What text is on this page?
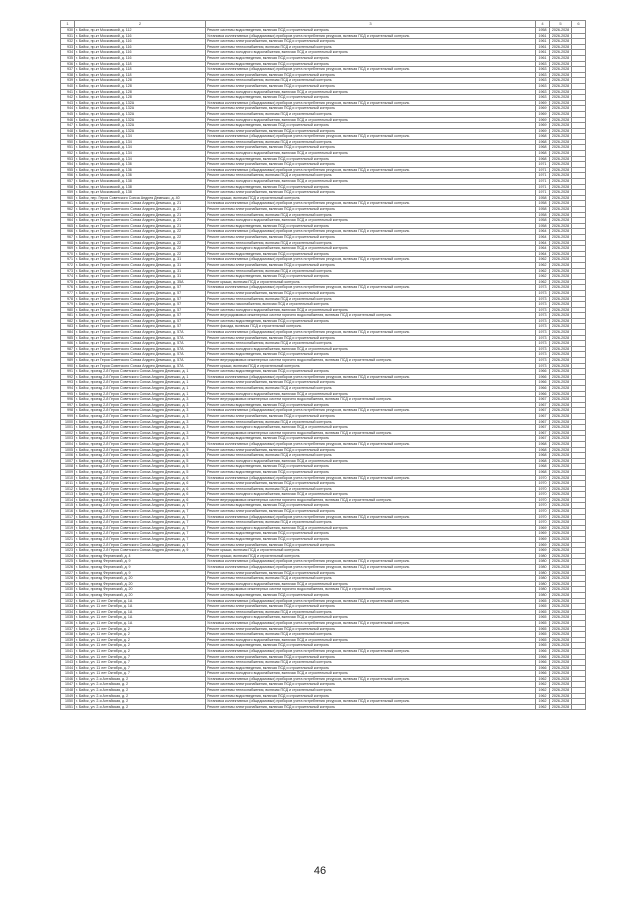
1	2	3	4	5	6
930	г. Бийск, пр-кт Московский, д. 112	Ремонт системы водоотведения, включая ПСД и строительный контроль	1958	2026-2028	
931	г. Бийск, пр-кт Московский, д. 116	Установка коллективных (общедомовых) приборов учета потребления ресурсов, включая ПСД и строительный контроль	1961	2026-2028	
932	г. Бийск, пр-кт Московский, д. 116	Ремонт системы электроснабжения, включая ПСД и строительный контроль	1961	2026-2028	
933	г. Бийск, пр-кт Московский, д. 116	Ремонт системы теплоснабжения, включая ПСД и строительный контроль	1961	2026-2028	
934	г. Бийск, пр-кт Московский, д. 116	Ремонт системы холодного водоснабжения, включая ПСД и строительный контроль	1961	2026-2028	
935	г. Бийск, пр-кт Московский, д. 116	Ремонт системы водоотведения, включая ПСД и строительный контроль	1961	2026-2028	
936	г. Бийск, пр-кт Московский, д. 118	Ремонт системы водоотведения, включая ПСД и строительный контроль	1963	2026-2028	
937	г. Бийск, пр-кт Московский, д. 118	Установка коллективных (общедомовых) приборов учета потребления ресурсов, включая ПСД и строительный контроль	1963	2026-2028	
938	г. Бийск, пр-кт Московский, д. 118	Ремонт системы электроснабжения, включая ПСД и строительный контроль	1963	2026-2028	
939	г. Бийск, пр-кт Московский, д. 128	Ремонт системы теплоснабжения, включая ПСД и строительный контроль	1963	2026-2028	
940	г. Бийск, пр-кт Московский, д. 128	Ремонт системы электроснабжения, включая ПСД и строительный контроль	1963	2026-2028	
941	г. Бийск, пр-кт Московский, д. 128	Ремонт системы холодного водоснабжения, включая ПСД и строительный контроль	1963	2026-2028	
942	г. Бийск, пр-кт Московский, д. 128	Ремонт системы водоотведения, включая ПСД и строительный контроль	1963	2026-2028	
943	г. Бийск, пр-кт Московский, д. 132А	Установка коллективных (общедомовых) приборов учета потребления ресурсов, включая ПСД и строительный контроль	1969	2026-2028	
944	г. Бийск, пр-кт Московский, д. 132А	Ремонт системы электроснабжения, включая ПСД и строительный контроль	1969	2026-2028	
945	г. Бийск, пр-кт Московский, д. 132А	Ремонт системы теплоснабжения, включая ПСД и строительный контроль	1969	2026-2028	
946	г. Бийск, пр-кт Московский, д. 132А	Ремонт системы холодного водоснабжения, включая ПСД и строительный контроль	1969	2026-2028	
947	г. Бийск, пр-кт Московский, д. 132А	Ремонт системы водоотведения, включая ПСД и строительный контроль	1969	2026-2028	
948	г. Бийск, пр-кт Московский, д. 132А	Ремонт системы электроснабжения, включая ПСД и строительный контроль	1969	2026-2028	
949	г. Бийск, пр-кт Московский, д. 134	Установка коллективных (общедомовых) приборов учета потребления ресурсов, включая ПСД и строительный контроль	1968	2026-2028	
950	г. Бийск, пр-кт Московский, д. 134	Ремонт системы теплоснабжения, включая ПСД и строительный контроль	1968	2026-2028	
951	г. Бийск, пр-кт Московский, д. 134	Ремонт системы электроснабжения, включая ПСД и строительный контроль	1968	2026-2028	
952	г. Бийск, пр-кт Московский, д. 134	Ремонт системы холодного водоснабжения, включая ПСД и строительный контроль	1968	2026-2028	
953	г. Бийск, пр-кт Московский, д. 134	Ремонт системы водоотведения, включая ПСД и строительный контроль	1968	2026-2028	
954	г. Бийск, пр-кт Московский, д. 136	Ремонт системы электроснабжения, включая ПСД и строительный контроль	1971	2026-2028	
955	г. Бийск, пр-кт Московский, д. 136	Установка коллективных (общедомовых) приборов учета потребления ресурсов, включая ПСД и строительный контроль	1971	2026-2028	
956	г. Бийск, пр-кт Московский, д. 136	Ремонт системы теплоснабжения, включая ПСД и строительный контроль	1971	2026-2028	
957	г. Бийск, пр-кт Московский, д. 138	Ремонт системы холодного водоснабжения, включая ПСД и строительный контроль	1971	2026-2028	
958	г. Бийск, пр-кт Московский, д. 138	Ремонт системы водоотведения, включая ПСД и строительный контроль	1971	2026-2028	
959	г. Бийск, пр-кт Московский, д. 138	Ремонт системы электроснабжения, включая ПСД и строительный контроль	1971	2026-2028	
960	г. Бийск, пер. Героя Советского Союза Андрея Демешко, д. 40	Ремонт крыши, включая ПСД и строительный контроль	1958	2026-2028	
961	г. Бийск, пр-кт Героя Советского Союза Андрея Демешко, д. 21	Установка коллективных (общедомовых) приборов учета потребления ресурсов, включая ПСД и строительный контроль	1958	2026-2028	
962	г. Бийск, пр-кт Героя Советского Союза Андрея Демешко, д. 21	Ремонт системы электроснабжения, включая ПСД и строительный контроль	1958	2026-2028	
963	г. Бийск, пр-кт Героя Советского Союза Андрея Демешко, д. 21	Ремонт системы теплоснабжения, включая ПСД и строительный контроль	1958	2026-2028	
964	г. Бийск, пр-кт Героя Советского Союза Андрея Демешко, д. 21	Ремонт системы холодного водоснабжения, включая ПСД и строительный контроль	1958	2026-2028	
965	г. Бийск, пр-кт Героя Советского Союза Андрея Демешко, д. 21	Ремонт системы водоотведения, включая ПСД и строительный контроль	1958	2026-2028	
966	г. Бийск, пр-кт Героя Советского Союза Андрея Демешко, д. 22	Установка коллективных (общедомовых) приборов учета потребления ресурсов, включая ПСД и строительный контроль	1964	2026-2028	
967	г. Бийск, пр-кт Героя Советского Союза Андрея Демешко, д. 22	Ремонт системы электроснабжения, включая ПСД и строительный контроль	1964	2026-2028	
968	г. Бийск, пр-кт Героя Советского Союза Андрея Демешко, д. 22	Ремонт системы теплоснабжения, включая ПСД и строительный контроль	1964	2026-2028	
969	г. Бийск, пр-кт Героя Советского Союза Андрея Демешко, д. 22	Ремонт системы холодного водоснабжения, включая ПСД и строительный контроль	1964	2026-2028	
970	г. Бийск, пр-кт Героя Советского Союза Андрея Демешко, д. 22	Ремонт системы водоотведения, включая ПСД и строительный контроль	1964	2026-2028	
971	г. Бийск, пр-кт Героя Советского Союза Андрея Демешко, д. 31	Установка коллективных (общедомовых) приборов учета потребления ресурсов, включая ПСД и строительный контроль	1962	2026-2028	
972	г. Бийск, пр-кт Героя Советского Союза Андрея Демешко, д. 31	Ремонт системы электроснабжения, включая ПСД и строительный контроль	1962	2026-2028	
973	г. Бийск, пр-кт Героя Советского Союза Андрея Демешко, д. 31	Ремонт системы теплоснабжения, включая ПСД и строительный контроль	1962	2026-2028	
974	г. Бийск, пр-кт Героя Советского Союза Андрея Демешко, д. 31	Ремонт системы водоотведения, включая ПСД и строительный контроль	1962	2026-2028	
975	г. Бийск, пр-кт Героя Советского Союза Андрея Демешко, д. 35А	Ремонт крыши, включая ПСД и строительный контроль	1962	2026-2028	
976	г. Бийск, пр-кт Героя Советского Союза Андрея Демешко, д. 57	Установка коллективных (общедомовых) приборов учета потребления ресурсов, включая ПСД и строительный контроль	1973	2026-2028	
977	г. Бийск, пр-кт Героя Советского Союза Андрея Демешко, д. 57	Ремонт системы электроснабжения, включая ПСД и строительный контроль	1973	2026-2028	
978	г. Бийск, пр-кт Героя Советского Союза Андрея Демешко, д. 57	Ремонт системы теплоснабжения, включая ПСД и строительный контроль	1973	2026-2028	
979	г. Бийск, пр-кт Героя Советского Союза Андрея Демешко, д. 57	Ремонт системы газоснабжения, включая ПСД и строительный контроль	1973	2026-2028	
980	г. Бийск, пр-кт Героя Советского Союза Андрея Демешко, д. 57	Ремонт системы холодного водоснабжения, включая ПСД и строительный контроль	1973	2026-2028	
981	г. Бийск, пр-кт Героя Советского Союза Андрея Демешко, д. 57	Ремонт внутридомовых инженерных систем горячего водоснабжения, включая ПСД и строительный контроль	1973	2026-2028	
982	г. Бийск, пр-кт Героя Советского Союза Андрея Демешко, д. 57	Ремонт системы водоотведения, включая ПСД и строительный контроль	1973	2026-2028	
983	г. Бийск, пр-кт Героя Советского Союза Андрея Демешко, д. 57	Ремонт фасада, включая ПСД и строительный контроль	1973	2026-2028	
984	г. Бийск, пр-кт Героя Советского Союза Андрея Демешко, д. 57А	Установка коллективных (общедомовых) приборов учета потребления ресурсов, включая ПСД и строительный контроль	1973	2026-2028	
985	г. Бийск, пр-кт Героя Советского Союза Андрея Демешко, д. 57А	Ремонт системы электроснабжения, включая ПСД и строительный контроль	1973	2026-2028	
986	г. Бийск, пр-кт Героя Советского Союза Андрея Демешко, д. 57А	Ремонт системы теплоснабжения, включая ПСД и строительный контроль	1973	2026-2028	
987	г. Бийск, пр-кт Героя Советского Союза Андрея Демешко, д. 57А	Ремонт системы холодного водоснабжения, включая ПСД и строительный контроль	1973	2026-2028	
988	г. Бийск, пр-кт Героя Советского Союза Андрея Демешко, д. 57А	Ремонт системы водоотведения, включая ПСД и строительный контроль	1973	2026-2028	
989	г. Бийск, пр-кт Героя Советского Союза Андрея Демешко, д. 57А	Ремонт внутридомовых инженерных систем горячего водоснабжения, включая ПСД и строительный контроль	1973	2026-2028	
990	г. Бийск, пр-кт Героя Советского Союза Андрея Демешко, д. 57А	Ремонт крыши, включая ПСД и строительный контроль	1973	2026-2028	
991	г. Бийск, проезд 2-й Героя Советского Союза Андрея Демешко, д. 1	Ремонт системы водоотведения, включая ПСД и строительный контроль	1966	2026-2028	
992	г. Бийск, проезд 2-й Героя Советского Союза Андрея Демешко, д. 1	Установка коллективных (общедомовых) приборов учета потребления ресурсов, включая ПСД и строительный контроль	1966	2026-2028	
993	г. Бийск, проезд 2-й Героя Советского Союза Андрея Демешко, д. 1	Ремонт системы электроснабжения, включая ПСД и строительный контроль	1966	2026-2028	
994	г. Бийск, проезд 2-й Героя Советского Союза Андрея Демешко, д. 1	Ремонт системы теплоснабжения, включая ПСД и строительный контроль	1966	2026-2028	
995	г. Бийск, проезд 2-й Героя Советского Союза Андрея Демешко, д. 1	Ремонт системы холодного водоснабжения, включая ПСД и строительный контроль	1966	2026-2028	
996	г. Бийск, проезд 2-й Героя Советского Союза Андрея Демешко, д. 3	Ремонт внутридомовых инженерных систем горячего водоснабжения, включая ПСД и строительный контроль	1967	2026-2028	
997	г. Бийск, проезд 2-й Героя Советского Союза Андрея Демешко, д. 3	Ремонт системы водоотведения, включая ПСД и строительный контроль	1967	2026-2028	
998	г. Бийск, проезд 2-й Героя Советского Союза Андрея Демешко, д. 3	Установка коллективных (общедомовых) приборов учета потребления ресурсов, включая ПСД и строительный контроль	1967	2026-2028	
999	г. Бийск, проезд 2-й Героя Советского Союза Андрея Демешко, д. 3	Ремонт системы электроснабжения, включая ПСД и строительный контроль	1967	2026-2028	
1000	г. Бийск, проезд 2-й Героя Советского Союза Андрея Демешко, д. 3	Ремонт системы теплоснабжения, включая ПСД и строительный контроль	1967	2026-2028	
1001	г. Бийск, проезд 2-й Героя Советского Союза Андрея Демешко, д. 3	Ремонт системы холодного водоснабжения, включая ПСД и строительный контроль	1967	2026-2028	
1002	г. Бийск, проезд 2-й Героя Советского Союза Андрея Демешко, д. 3	Ремонт внутридомовых инженерных систем горячего водоснабжения, включая ПСД и строительный контроль	1967	2026-2028	
1003	г. Бийск, проезд 2-й Героя Советского Союза Андрея Демешко, д. 3	Ремонт системы водоотведения, включая ПСД и строительный контроль	1967	2026-2028	
1004	г. Бийск, проезд 2-й Героя Советского Союза Андрея Демешко, д. 5	Установка коллективных (общедомовых) приборов учета потребления ресурсов, включая ПСД и строительный контроль	1968	2026-2028	
1005	г. Бийск, проезд 2-й Героя Советского Союза Андрея Демешко, д. 5	Ремонт системы электроснабжения, включая ПСД и строительный контроль	1968	2026-2028	
1006	г. Бийск, проезд 2-й Героя Советского Союза Андрея Демешко, д. 5	Ремонт системы теплоснабжения, включая ПСД и строительный контроль	1968	2026-2028	
1007	г. Бийск, проезд 2-й Героя Советского Союза Андрея Демешко, д. 5	Ремонт системы холодного водоснабжения, включая ПСД и строительный контроль	1968	2026-2028	
1008	г. Бийск, проезд 2-й Героя Советского Союза Андрея Демешко, д. 5	Ремонт системы водоотведения, включая ПСД и строительный контроль	1968	2026-2028	
1009	г. Бийск, проезд 2-й Героя Советского Союза Андрея Демешко, д. 5	Ремонт системы водоотведения, включая ПСД и строительный контроль	1968	2026-2028	
1010	г. Бийск, проезд 2-й Героя Советского Союза Андрея Демешко, д. 6	Установка коллективных (общедомовых) приборов учета потребления ресурсов, включая ПСД и строительный контроль	1970	2026-2028	
1011	г. Бийск, проезд 2-й Героя Советского Союза Андрея Демешко, д. 6	Ремонт системы электроснабжения, включая ПСД и строительный контроль	1970	2026-2028	
1012	г. Бийск, проезд 2-й Героя Советского Союза Андрея Демешко, д. 6	Ремонт системы теплоснабжения, включая ПСД и строительный контроль	1970	2026-2028	
1013	г. Бийск, проезд 2-й Героя Советского Союза Андрея Демешко, д. 6	Ремонт системы холодного водоснабжения, включая ПСД и строительный контроль	1970	2026-2028	
1014	г. Бийск, проезд 2-й Героя Советского Союза Андрея Демешко, д. 6	Ремонт внутридомовых инженерных систем горячего водоснабжения, включая ПСД и строительный контроль	1970	2026-2028	
1015	г. Бийск, проезд 2-й Героя Советского Союза Андрея Демешко, д. 7	Ремонт системы водоотведения, включая ПСД и строительный контроль	1970	2026-2028	
1016	г. Бийск, проезд 2-й Героя Советского Союза Андрея Демешко, д. 7	Ремонт системы электроснабжения, включая ПСД и строительный контроль	1970	2026-2028	
1017	г. Бийск, проезд 2-й Героя Советского Союза Андрея Демешко, д. 7	Установка коллективных (общедомовых) приборов учета потребления ресурсов, включая ПСД и строительный контроль	1970	2026-2028	
1018	г. Бийск, проезд 2-й Героя Советского Союза Андрея Демешко, д. 7	Ремонт системы теплоснабжения, включая ПСД и строительный контроль	1970	2026-2028	
1019	г. Бийск, проезд 2-й Героя Советского Союза Андрея Демешко, д. 7	Ремонт системы холодного водоснабжения, включая ПСД и строительный контроль	1969	2026-2028	
1020	г. Бийск, проезд 2-й Героя Советского Союза Андрея Демешко, д. 7	Ремонт системы водоотведения, включая ПСД и строительный контроль	1969	2026-2028	
1021	г. Бийск, проезд 2-й Героя Советского Союза Андрея Демешко, д. 7	Ремонт системы водоотведения, включая ПСД и строительный контроль	1969	2026-2028	
1022	г. Бийск, проезд 2-й Героя Советского Союза Андрея Демешко, д. 7	Ремонт системы электроснабжения, включая ПСД и строительный контроль	1969	2026-2028	
1023	г. Бийск, проезд 2-й Героя Советского Союза Андрея Демешко, д. 9	Ремонт крыши, включая ПСД и строительный контроль	1969	2026-2028	
1024	г. Бийск, проезд Ферганский, д. 4	Ремонт крыши, включая ПСД и строительный контроль	1980	2026-2028	
1025	г. Бийск, проезд Ферганский, д. 9	Установка коллективных (общедомовых) приборов учета потребления ресурсов, включая ПСД и строительный контроль	1980	2026-2028	
1026	г. Бийск, проезд Ферганский, д. 9	Установка коллективных (общедомовых) приборов учета потребления ресурсов, включая ПСД и строительный контроль	1980	2026-2028	
1027	г. Бийск, проезд Ферганский, д. 9	Ремонт системы электроснабжения, включая ПСД и строительный контроль	1980	2026-2028	
1028	г. Бийск, проезд Ферганский, д. 20	Ремонт системы теплоснабжения, включая ПСД и строительный контроль	1980	2026-2028	
1029	г. Бийск, проезд Ферганский, д. 20	Ремонт системы холодного водоснабжения, включая ПСД и строительный контроль	1980	2026-2028	
1030	г. Бийск, проезд Ферганский, д. 20	Ремонт внутридомовых инженерных систем горячего водоснабжения, включая ПСД и строительный контроль	1980	2026-2028	
1031	г. Бийск, проезд Ферганский, д. 20	Ремонт системы водоотведения, включая ПСД и строительный контроль	1980	2026-2028	
1032	г. Бийск, ул. 11 лет Октября, д. 1А	Установка коллективных (общедомовых) приборов учета потребления ресурсов, включая ПСД и строительный контроль	1965	2026-2028	
1033	г. Бийск, ул. 11 лет Октября, д. 1А	Ремонт системы электроснабжения, включая ПСД и строительный контроль	1965	2026-2028	
1034	г. Бийск, ул. 11 лет Октября, д. 1А	Ремонт системы теплоснабжения, включая ПСД и строительный контроль	1965	2026-2028	
1035	г. Бийск, ул. 11 лет Октября, д. 1А	Ремонт системы холодного водоснабжения, включая ПСД и строительный контроль	1965	2026-2028	
1036	г. Бийск, ул. 11 лет Октября, д. 1А	Установка коллективных (общедомовых) приборов учета потребления ресурсов, включая ПСД и строительный контроль	1965	2026-2028	
1037	г. Бийск, ул. 11 лет Октября, д. 2	Ремонт системы электроснабжения, включая ПСД и строительный контроль	1965	2026-2028	
1038	г. Бийск, ул. 11 лет Октября, д. 2	Ремонт системы теплоснабжения, включая ПСД и строительный контроль	1965	2026-2028	
1039	г. Бийск, ул. 11 лет Октября, д. 2	Ремонт системы холодного водоснабжения, включая ПСД и строительный контроль	1965	2026-2028	
1040	г. Бийск, ул. 11 лет Октября, д. 2	Ремонт системы водоотведения, включая ПСД и строительный контроль	1965	2026-2028	
1041	г. Бийск, ул. 11 лет Октября, д. 2	Установка коллективных (общедомовых) приборов учета потребления ресурсов, включая ПСД и строительный контроль	1966	2026-2028	
1042	г. Бийск, ул. 11 лет Октября, д. 7	Ремонт системы электроснабжения, включая ПСД и строительный контроль	1966	2026-2028	
1043	г. Бийск, ул. 11 лет Октября, д. 7	Ремонт системы теплоснабжения, включая ПСД и строительный контроль	1966	2026-2028	
1044	г. Бийск, ул. 11 лет Октября, д. 7	Ремонт системы водоотведения, включая ПСД и строительный контроль	1966	2026-2028	
1045	г. Бийск, ул. 11 лет Октября, д. 7	Ремонт системы холодного водоснабжения, включая ПСД и строительный контроль	1966	2026-2028	
1046	г. Бийск, ул. 2-я Алтайская, д. 2	Установка коллективных (общедомовых) приборов учета потребления ресурсов, включая ПСД и строительный контроль	1962	2026-2028	
1047	г. Бийск, ул. 2-я Алтайская, д. 2	Ремонт системы электроснабжения, включая ПСД и строительный контроль	1962	2026-2028	
1048	г. Бийск, ул. 2-я Алтайская, д. 2	Ремонт системы теплоснабжения, включая ПСД и строительный контроль	1962	2026-2028	
1049	г. Бийск, ул. 2-я Алтайская, д. 2	Ремонт системы водоотведения, включая ПСД и строительный контроль	1962	2026-2028	
1050	г. Бийск, ул. 2-я Алтайская, д. 2	Установка коллективных (общедомовых) приборов учета потребления ресурсов, включая ПСД и строительный контроль	1962	2026-2028	
1051	г. Бийск, ул. 2-я Алтайская, д. 2	Ремонт системы электроснабжения, включая ПСД и строительный контроль	1962	2026-2028	
46
